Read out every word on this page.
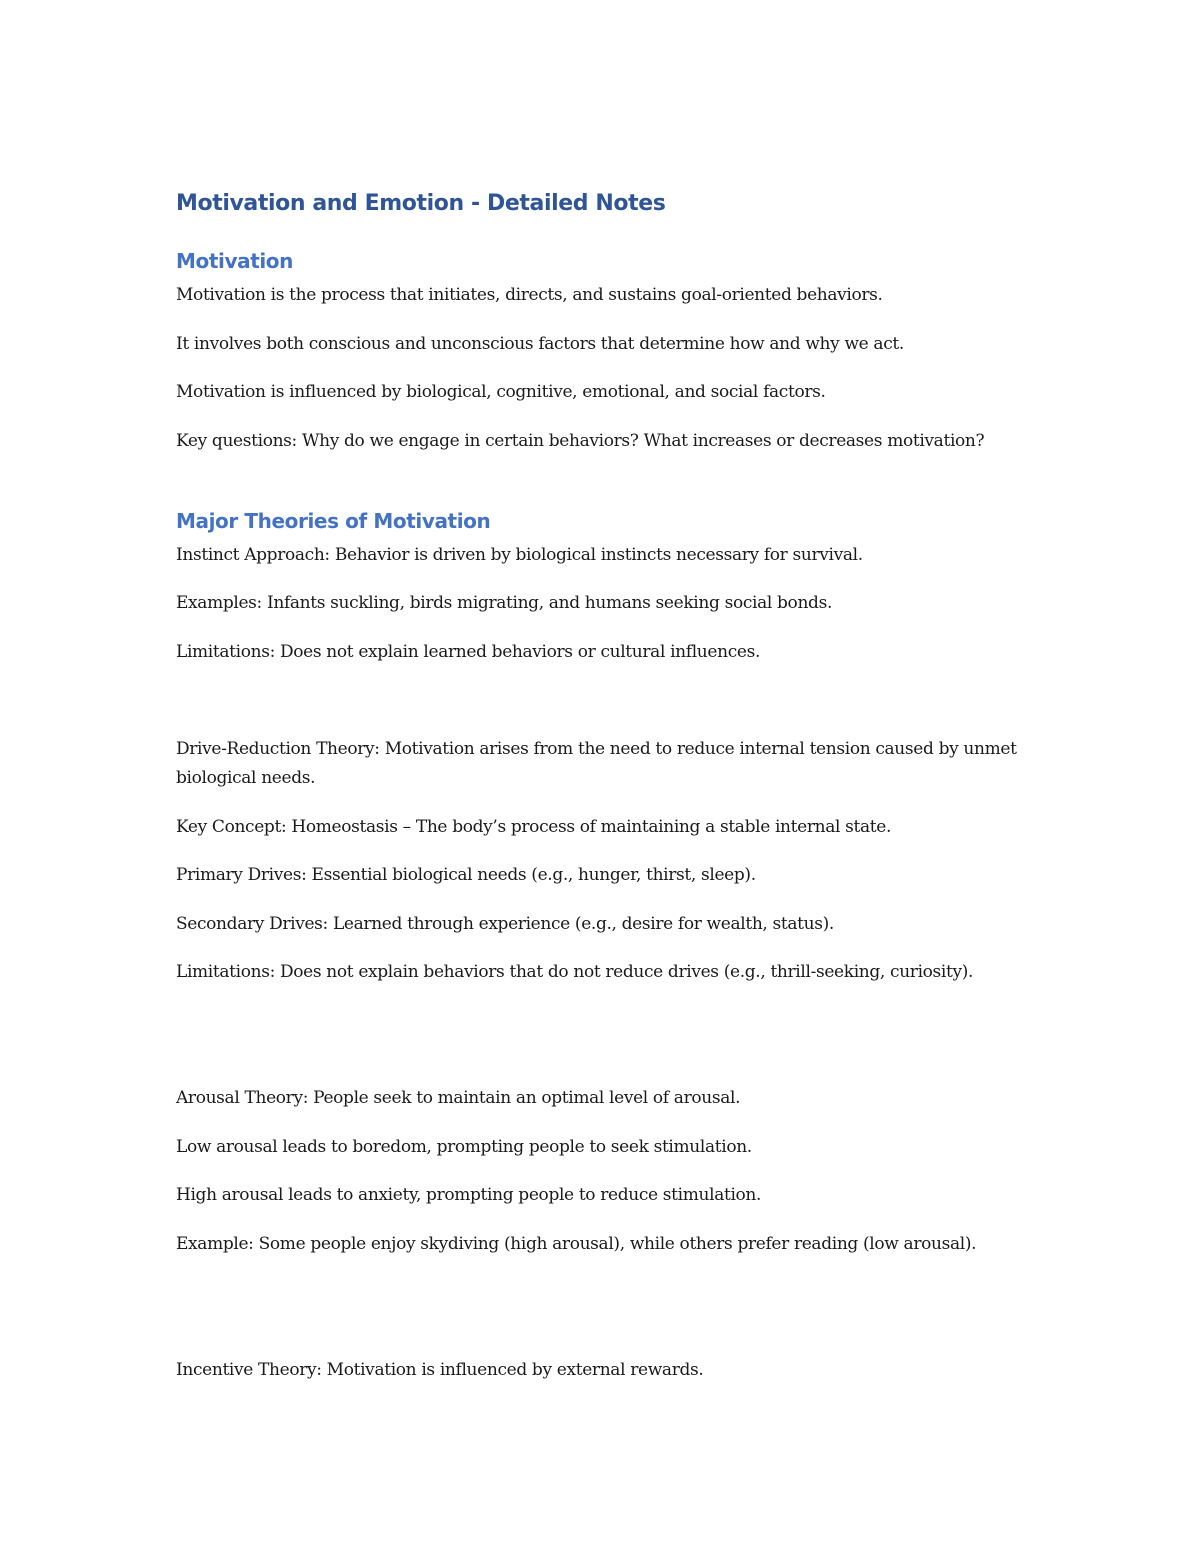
Motivation and Emotion - Detailed Notes
Motivation

Motivation is the process that initiates, directs, and sustains goal-oriented behaviors.

It involves both conscious and unconscious factors that determine how and why we act.

Motivation is influenced by biological, cognitive, emotional, and social factors.

Key questions: Why do we engage in certain behaviors? What increases or decreases motivation?

Major Theories of Motivation

Instinct Approach: Behavior is driven by biological instincts necessary for survival.

Examples: Infants suckling, birds migrating, and humans seeking social bonds.

Limitations: Does not explain learned behaviors or cultural influences.

Drive-Reduction Theory: Motivation arises from the need to reduce internal tension caused by unmet biological needs.

Key Concept: Homeostasis – The body’s process of maintaining a stable internal state.

Primary Drives: Essential biological needs (e.g., hunger, thirst, sleep).

Secondary Drives: Learned through experience (e.g., desire for wealth, status).

Limitations: Does not explain behaviors that do not reduce drives (e.g., thrill-seeking, curiosity).

Arousal Theory: People seek to maintain an optimal level of arousal.

Low arousal leads to boredom, prompting people to seek stimulation.

High arousal leads to anxiety, prompting people to reduce stimulation.

Example: Some people enjoy skydiving (high arousal), while others prefer reading (low arousal).

Incentive Theory: Motivation is influenced by external rewards.
